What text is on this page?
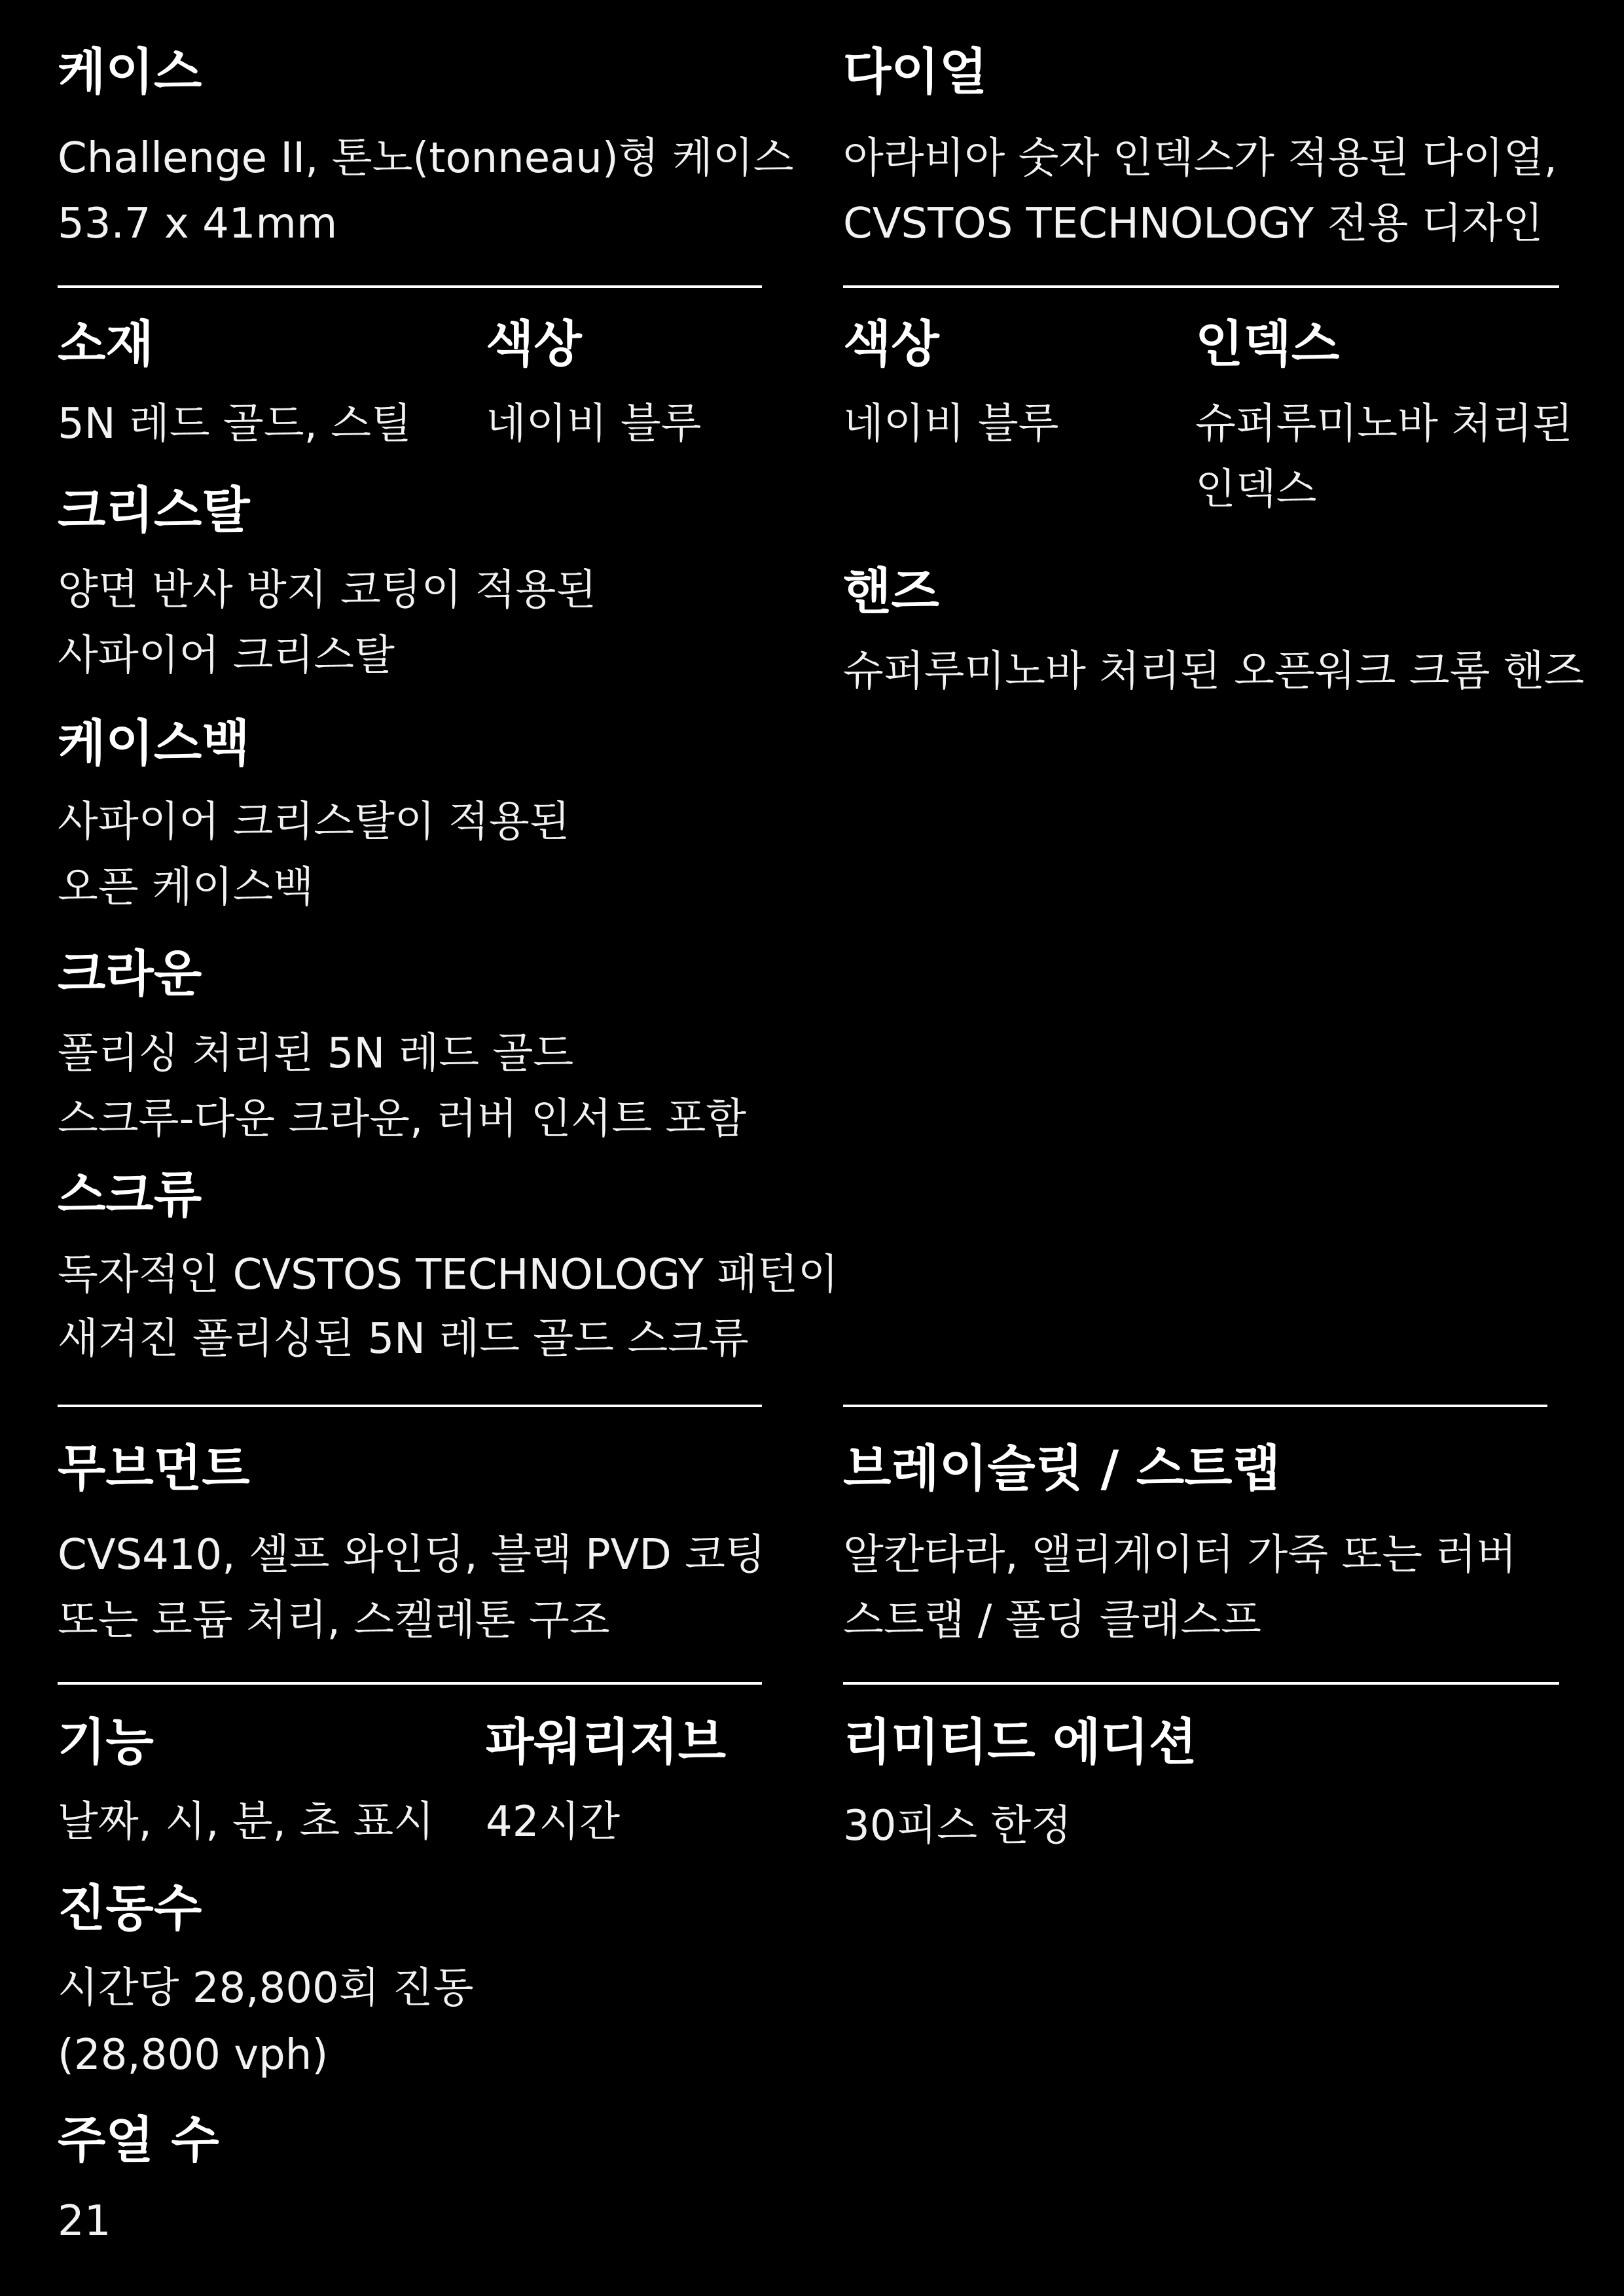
케이스
Challenge II, 톤노(tonneau)형 케이스
53.7 x 41mm
다이얼
아라비아 숫자 인덱스가 적용된 다이얼,
CVSTOS TECHNOLOGY 전용 디자인
소재
5N 레드 골드, 스틸
색상
네이비 블루
크리스탈
양면 반사 방지 코팅이 적용된
사파이어 크리스탈
케이스백
사파이어 크리스탈이 적용된
오픈 케이스백
크라운
폴리싱 처리된 5N 레드 골드
스크루-다운 크라운, 러버 인서트 포함
스크류
독자적인 CVSTOS TECHNOLOGY 패턴이
새겨진 폴리싱된 5N 레드 골드 스크류
색상
네이비 블루
인덱스
슈퍼루미노바 처리된
인덱스
핸즈
슈퍼루미노바 처리된 오픈워크 크롬 핸즈
무브먼트
CVS410, 셀프 와인딩, 블랙 PVD 코팅
또는 로듐 처리, 스켈레톤 구조
브레이슬릿 / 스트랩
알칸타라, 앨리게이터 가죽 또는 러버
스트랩 / 폴딩 클래스프
기능
날짜, 시, 분, 초 표시
파워리저브
42시간
진동수
시간당 28,800회 진동
(28,800 vph)
주얼 수
21
리미티드 에디션
30피스 한정
